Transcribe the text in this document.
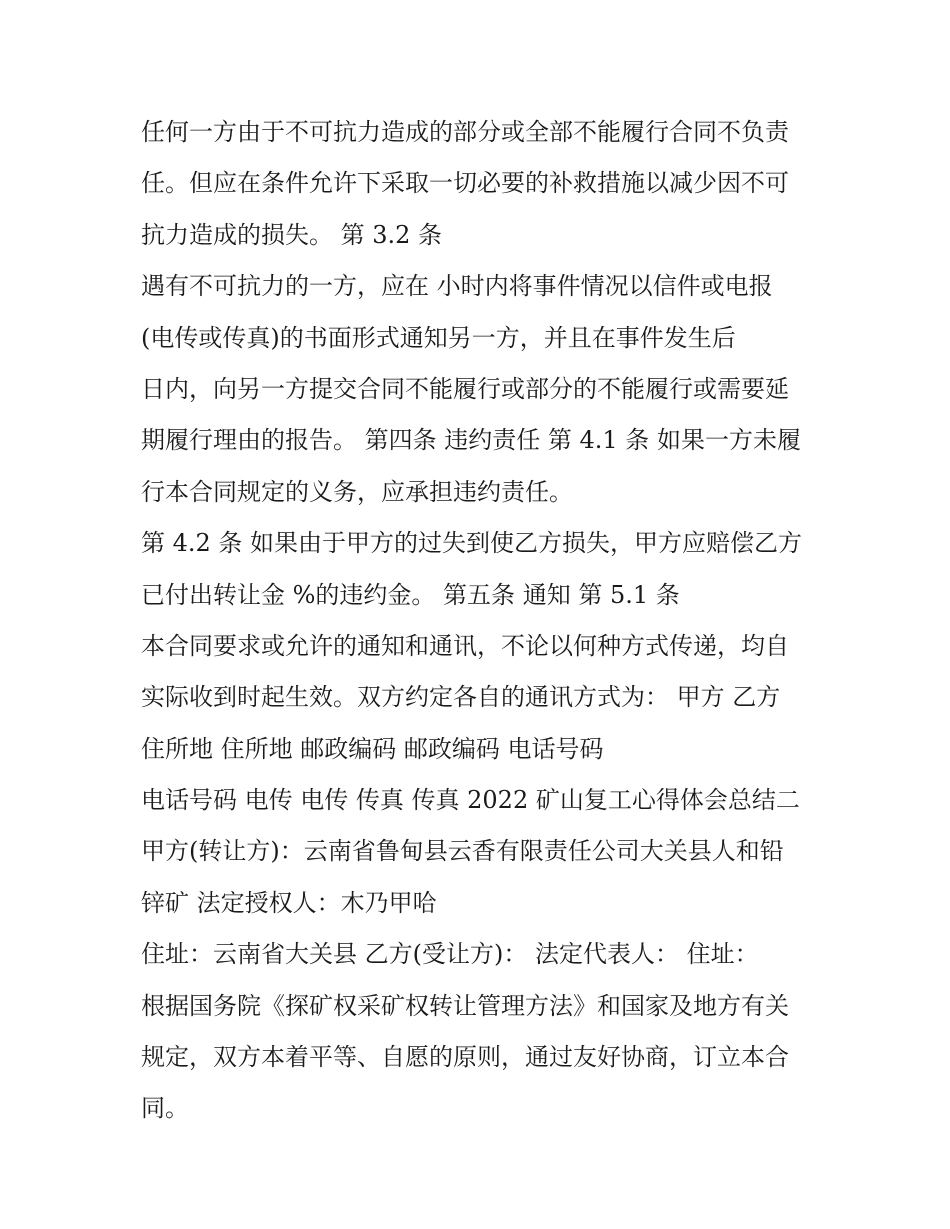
任何一方由于不可抗力造成的部分或全部不能履行合同不负责

任。但应在条件允许下采取一切必要的补救措施以减少因不可

抗力造成的损失。 第 3.2 条

遇有不可抗力的一方，应在 小时内将事件情况以信件或电报

(电传或传真)的书面形式通知另一方，并且在事件发生后

日内，向另一方提交合同不能履行或部分的不能履行或需要延

期履行理由的报告。 第四条 违约责任 第 4.1 条 如果一方未履

行本合同规定的义务，应承担违约责任。

第 4.2 条 如果由于甲方的过失到使乙方损失，甲方应赔偿乙方

已付出转让金 %的违约金。 第五条 通知 第 5.1 条

本合同要求或允许的通知和通讯，不论以何种方式传递，均自

实际收到时起生效。双方约定各自的通讯方式为： 甲方 乙方

住所地 住所地 邮政编码 邮政编码 电话号码

电话号码 电传 电传 传真 传真 2022 矿山复工心得体会总结二

甲方(转让方)：云南省鲁甸县云香有限责任公司大关县人和铅

锌矿 法定授权人：木乃甲哈

住址：云南省大关县 乙方(受让方)： 法定代表人： 住址：

根据国务院《探矿权采矿权转让管理方法》和国家及地方有关

规定，双方本着平等、自愿的原则，通过友好协商，订立本合

同。
